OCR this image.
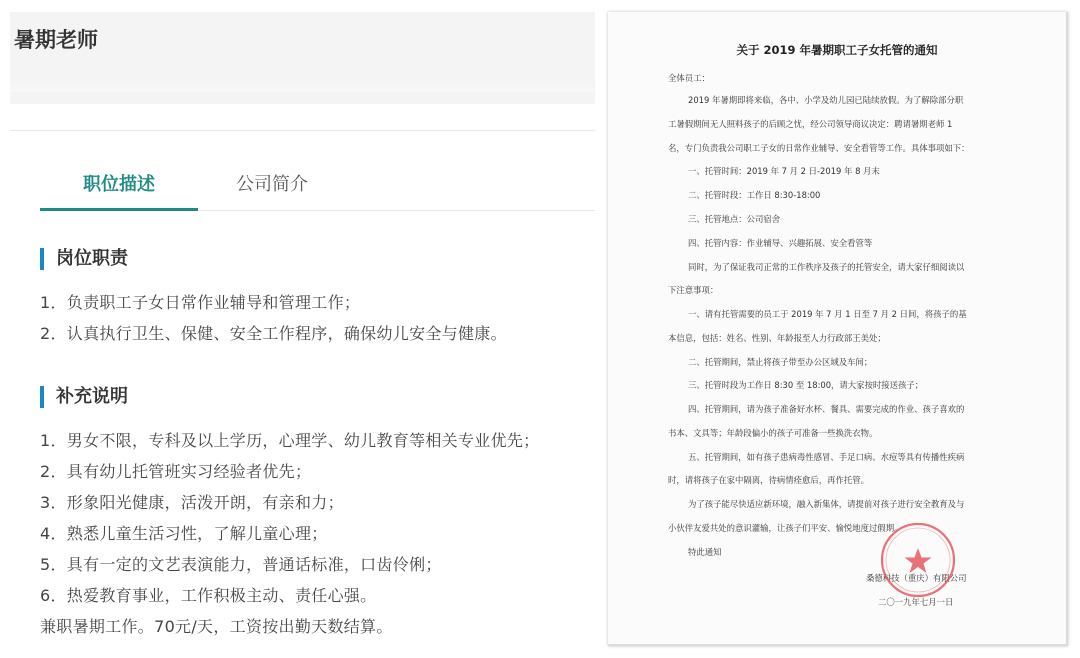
暑期老师
职位描述	公司简介
岗位职责
1．负责职工子女日常作业辅导和管理工作；
2．认真执行卫生、保健、安全工作程序，确保幼儿安全与健康。
补充说明
1．男女不限，专科及以上学历，心理学、幼儿教育等相关专业优先；
2．具有幼儿托管班实习经验者优先；
3．形象阳光健康，活泼开朗，有亲和力；
4．熟悉儿童生活习性，了解儿童心理；
5．具有一定的文艺表演能力，普通话标准，口齿伶俐；
6．热爱教育事业，工作积极主动、责任心强。
兼职暑期工作。70元/天，工资按出勤天数结算。
关于 2019 年暑期职工子女托管的通知
全体员工：
2019 年暑期即将来临，各中、小学及幼儿园已陆续放假。为了解除部分职
工暑假期间无人照料孩子的后顾之忧，经公司领导商议决定：聘请暑期老师 1
名，专门负责我公司职工子女的日常作业辅导、安全看管等工作。具体事项如下：
一、托管时间：2019 年 7 月 2 日-2019 年 8 月末
二、托管时段：工作日 8:30-18:00
三、托管地点：公司宿舍
四、托管内容：作业辅导、兴趣拓展、安全看管等
同时，为了保证我司正常的工作秩序及孩子的托管安全，请大家仔细阅读以
下注意事项：
一、请有托管需要的员工于 2019 年 7 月 1 日至 7 月 2 日间，将孩子的基
本信息，包括：姓名、性别、年龄报至人力行政部王美处；
二、托管期间，禁止将孩子带至办公区域及车间；
三、托管时段为工作日 8:30 至 18:00，请大家按时接送孩子；
四、托管期间，请为孩子准备好水杯、餐具、需要完成的作业、孩子喜欢的
书本、文具等；年龄段偏小的孩子可准备一些换洗衣物。
五、托管期间，如有孩子患病毒性感冒、手足口病、水痘等具有传播性疾病
时，请将孩子在家中隔离，待病情痊愈后，再作托管。
为了孩子能尽快适应新环境，融入新集体，请提前对孩子进行安全教育及与
小伙伴友爱共处的意识灌输，让孩子们平安、愉悦地度过假期。
特此通知
桑德科技（重庆）有限公司
二〇一九年七月一日
